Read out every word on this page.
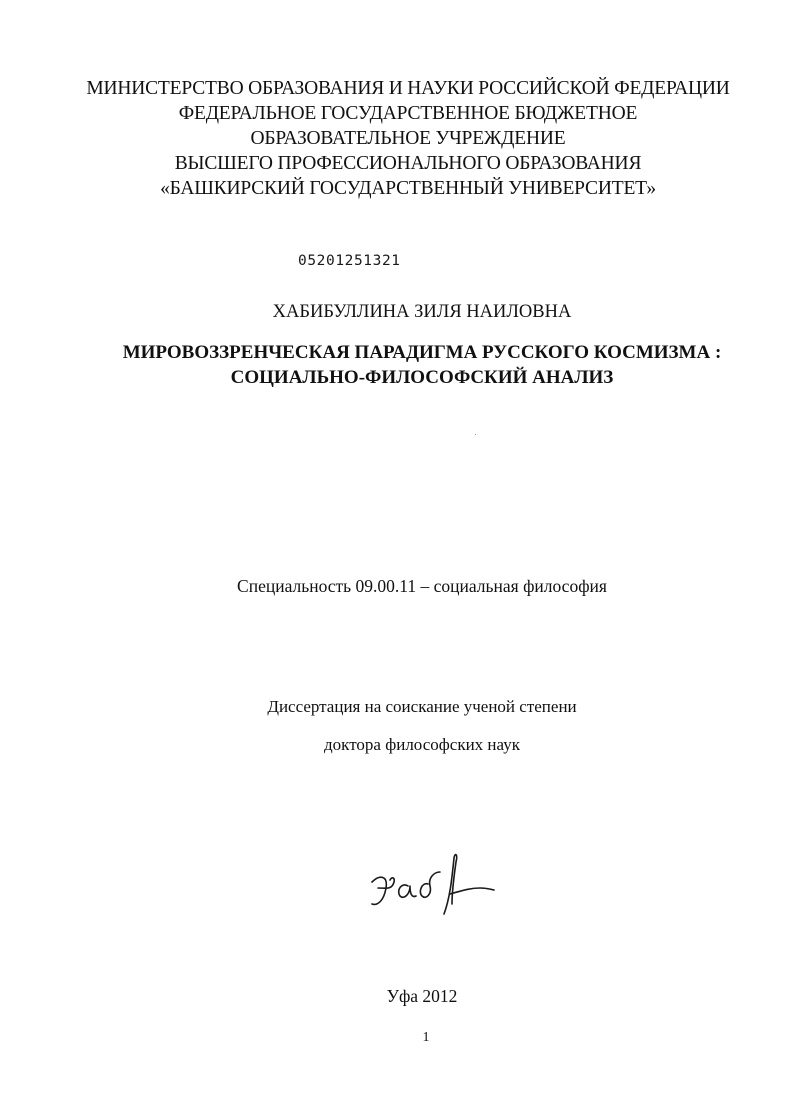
МИНИСТЕРСТВО ОБРАЗОВАНИЯ И НАУКИ РОССИЙСКОЙ ФЕДЕРАЦИИ
ФЕДЕРАЛЬНОЕ ГОСУДАРСТВЕННОЕ БЮДЖЕТНОЕ
ОБРАЗОВАТЕЛЬНОЕ УЧРЕЖДЕНИЕ
ВЫСШЕГО ПРОФЕССИОНАЛЬНОГО ОБРАЗОВАНИЯ
«БАШКИРСКИЙ ГОСУДАРСТВЕННЫЙ УНИВЕРСИТЕТ»
05201251321
ХАБИБУЛЛИНА ЗИЛЯ НАИЛОВНА
МИРОВОЗЗРЕНЧЕСКАЯ ПАРАДИГМА РУССКОГО КОСМИЗМА :
СОЦИАЛЬНО-ФИЛОСОФСКИЙ АНАЛИЗ
Специальность 09.00.11 – социальная философия
Диссертация на соискание ученой степени
доктора философских наук
Уфа 2012
1
